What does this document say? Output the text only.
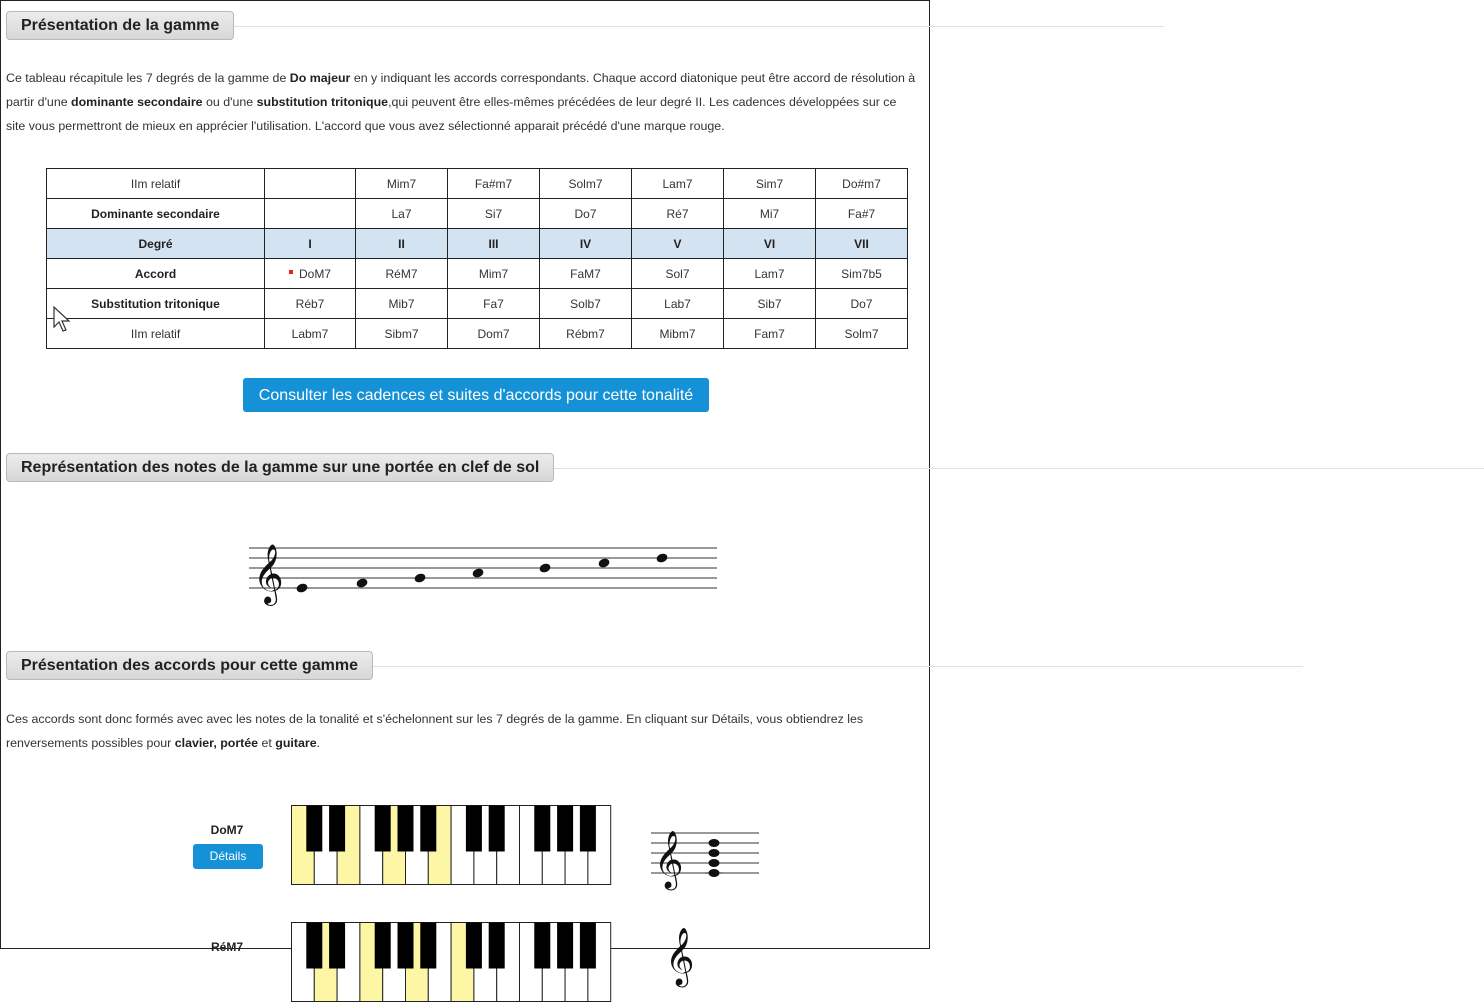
Présentation de la gamme
Ce tableau récapitule les 7 degrés de la gamme de Do majeur en y indiquant les accords correspondants. Chaque accord diatonique peut être accord de résolution à partir d'une dominante secondaire ou d'une substitution tritonique,qui peuvent être elles-mêmes précédées de leur degré II. Les cadences développées sur ce site vous permettront de mieux en apprécier l'utilisation. L'accord que vous avez sélectionné apparait précédé d'une marque rouge.
IIm relatif		Mim7	Fa#m7	Solm7	Lam7	Sim7	Do#m7
Dominante secondaire		La7	Si7	Do7	Ré7	Mi7	Fa#7
Degré	I	II	III	IV	V	VI	VII
Accord	DoM7	RéM7	Mim7	FaM7	Sol7	Lam7	Sim7b5
Substitution tritonique	Réb7	Mib7	Fa7	Solb7	Lab7	Sib7	Do7
IIm relatif	Labm7	Sibm7	Dom7	Rébm7	Mibm7	Fam7	Solm7
Consulter les cadences et suites d'accords pour cette tonalité
Représentation des notes de la gamme sur une portée en clef de sol
𝄞
Présentation des accords pour cette gamme
Ces accords sont donc formés avec avec les notes de la tonalité et s'échelonnent sur les 7 degrés de la gamme. En cliquant sur Détails, vous obtiendrez les renversements possibles pour clavier, portée et guitare.
DoM7
Détails	𝄞
RéM7	𝄞
